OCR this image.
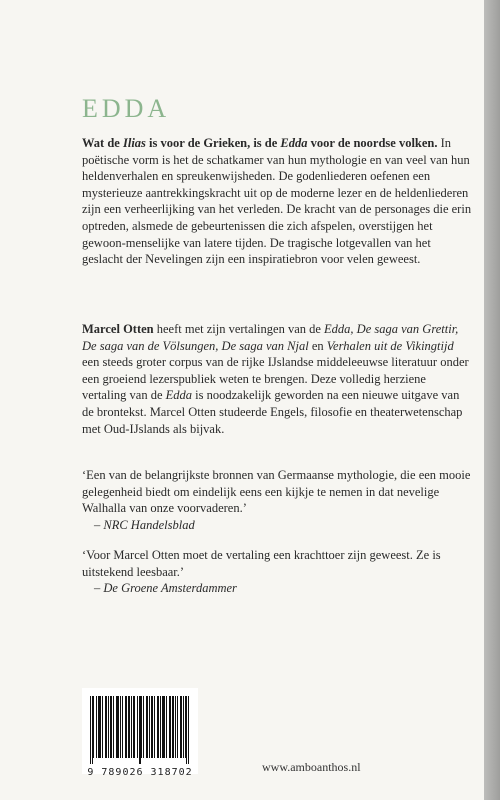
EDDA

Wat de Ilias is voor de Grieken, is de Edda voor de noordse volken. In poëtische vorm is het de schatkamer van hun mythologie en van veel van hun heldenverhalen en spreukenwijsheden. De godenliederen oefenen een mysterieuze aantrekkingskracht uit op de moderne lezer en de heldenliederen zijn een verheerlijking van het verleden. De kracht van de personages die erin optreden, alsmede de gebeurtenissen die zich afspelen, overstijgen het gewoon-menselijke van latere tijden. De tragische lotgevallen van het geslacht der Nevelingen zijn een inspiratiebron voor velen geweest.

Marcel Otten heeft met zijn vertalingen van de Edda, De saga van Grettir, De saga van de Völsungen, De saga van Njal en Verhalen uit de Vikingtijd een steeds groter corpus van de rijke IJslandse middeleeuwse literatuur onder een groeiend lezerspubliek weten te brengen. Deze volledig herziene vertaling van de Edda is noodzakelijk geworden na een nieuwe uitgave van de brontekst. Marcel Otten studeerde Engels, filosofie en theaterwetenschap met Oud-IJslands als bijvak.

‘Een van de belangrijkste bronnen van Germaanse mythologie, die een mooie gelegenheid biedt om eindelijk eens een kijkje te nemen in dat nevelige Walhalla van onze voorvaderen.’

– NRC Handelsblad

‘Voor Marcel Otten moet de vertaling een krachttoer zijn geweest. Ze is uitstekend leesbaar.’

– De Groene Amsterdammer

9 789026 318702	www.amboanthos.nl
